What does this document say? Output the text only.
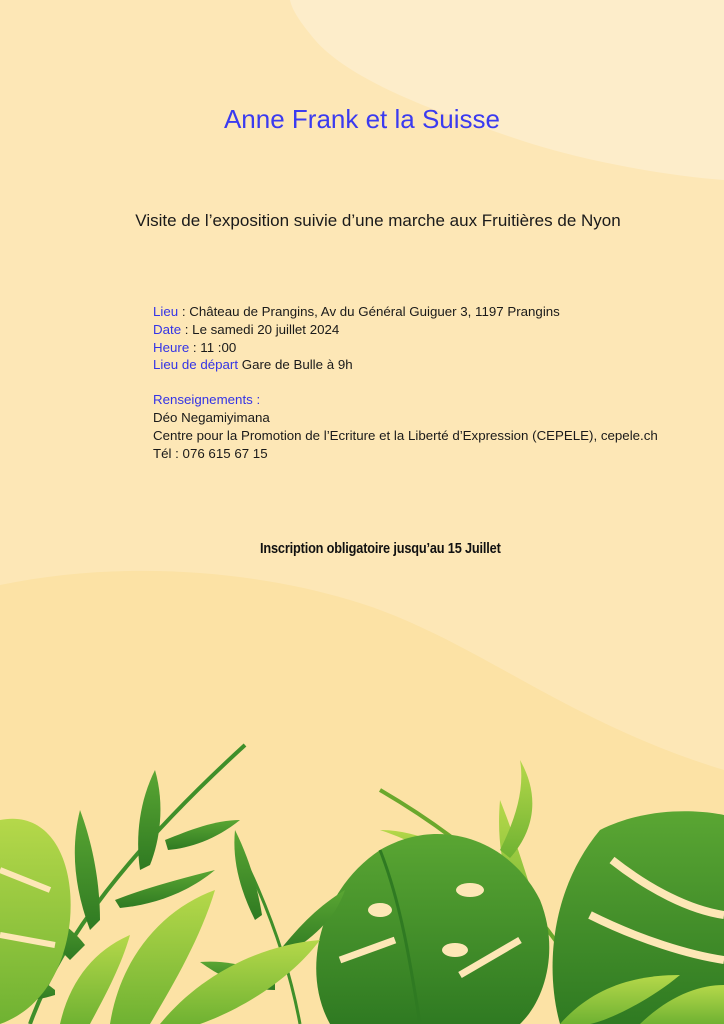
Anne Frank et la Suisse
Visite de l’exposition suivie d’une marche aux Fruitières de Nyon
Lieu : Château de Prangins, Av du Général Guiguer 3, 1197 Prangins
Date : Le samedi 20 juillet 2024
Heure : 11 :00
Lieu de départ Gare de Bulle à 9h
Renseignements :
Déo Negamiyimana
Centre pour la Promotion de l’Ecriture et la Liberté d’Expression (CEPELE), cepele.ch
Tél : 076 615 67 15
Inscription obligatoire jusqu’au 15 Juillet
